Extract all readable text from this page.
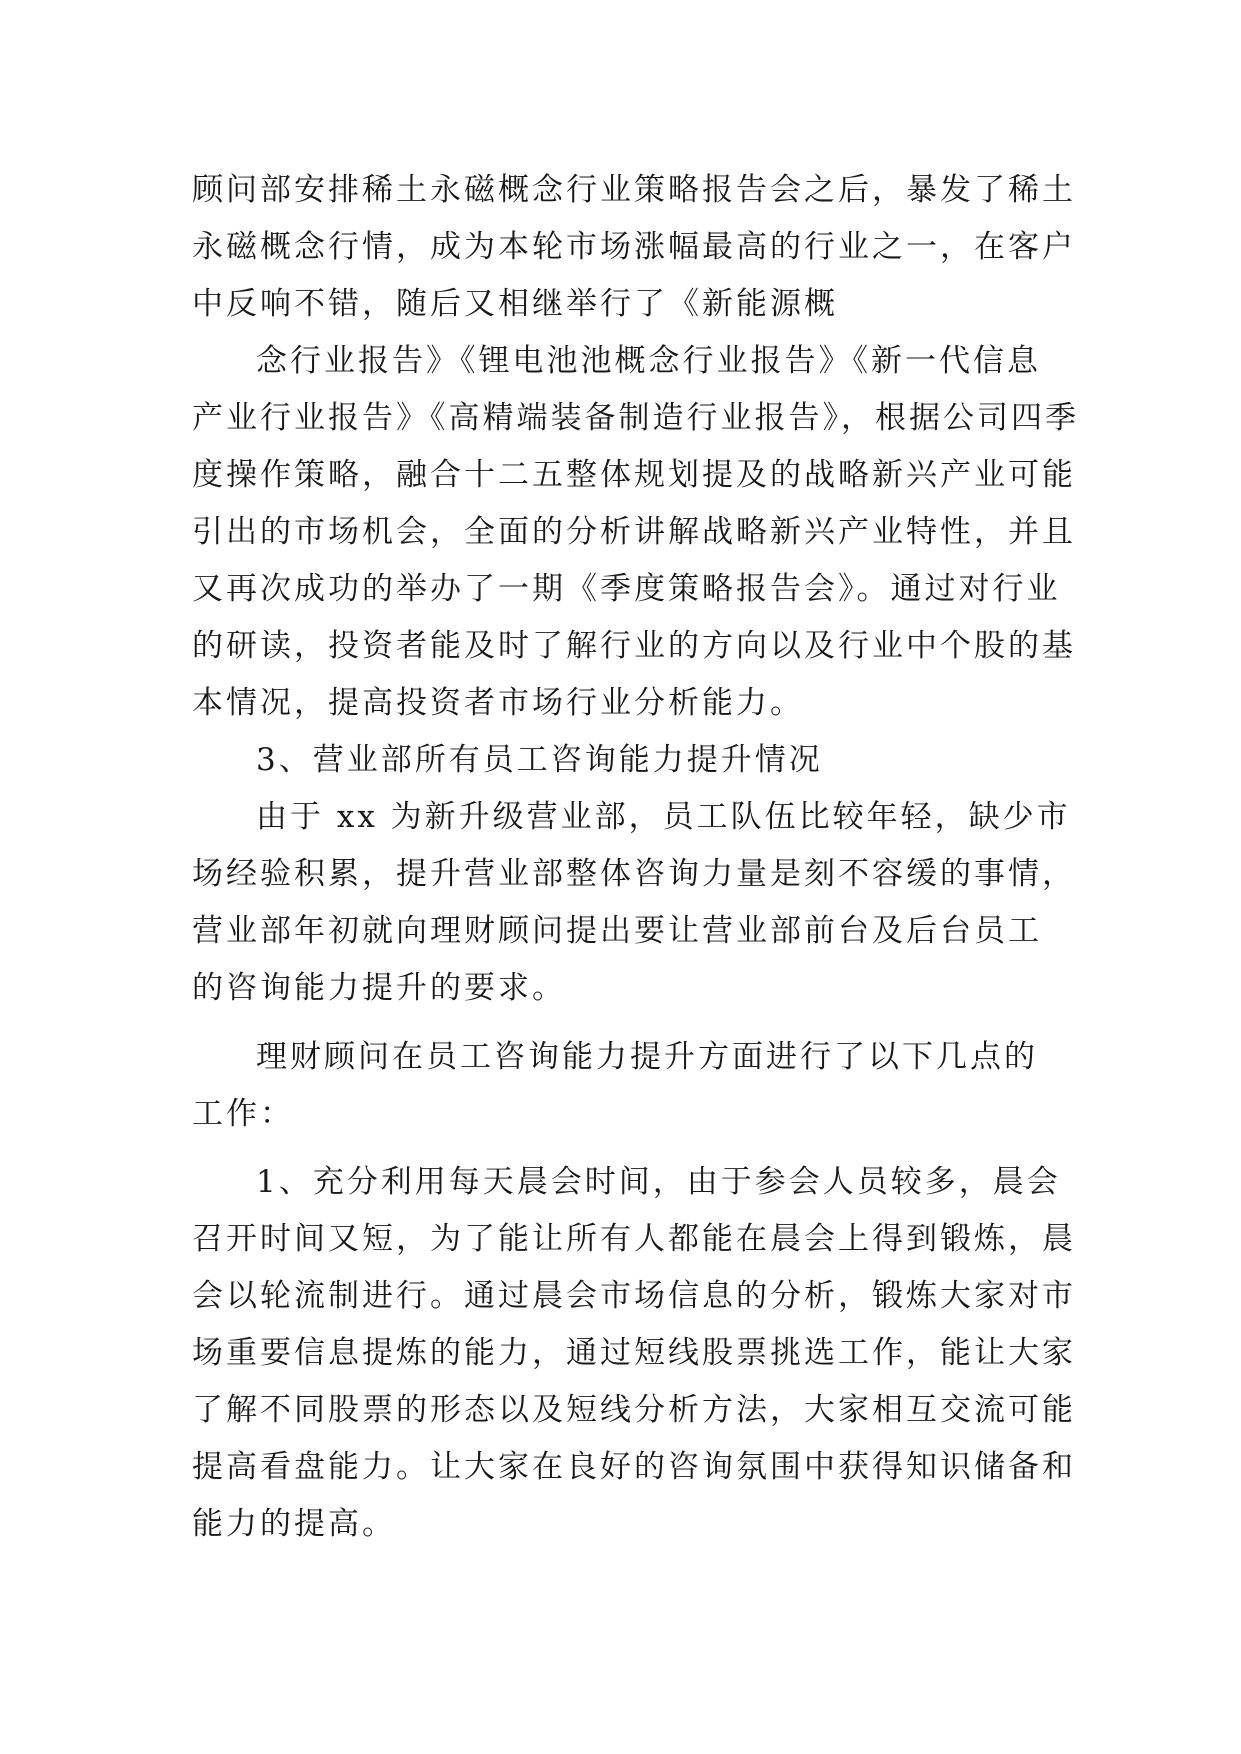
顾问部安排稀土永磁概念行业策略报告会之后，暴发了稀土
永磁概念行情，成为本轮市场涨幅最高的行业之一，在客户
中反响不错，随后又相继举行了《新能源概
念行业报告》《锂电池池概念行业报告》《新一代信息
产业行业报告》《高精端装备制造行业报告》，根据公司四季
度操作策略，融合十二五整体规划提及的战略新兴产业可能
引出的市场机会，全面的分析讲解战略新兴产业特性，并且
又再次成功的举办了一期《季度策略报告会》。通过对行业
的研读，投资者能及时了解行业的方向以及行业中个股的基
本情况，提高投资者市场行业分析能力。
3、营业部所有员工咨询能力提升情况
由于 xx 为新升级营业部，员工队伍比较年轻，缺少市
场经验积累，提升营业部整体咨询力量是刻不容缓的事情，
营业部年初就向理财顾问提出要让营业部前台及后台员工
的咨询能力提升的要求。
理财顾问在员工咨询能力提升方面进行了以下几点的
工作：
1、充分利用每天晨会时间，由于参会人员较多，晨会
召开时间又短，为了能让所有人都能在晨会上得到锻炼，晨
会以轮流制进行。通过晨会市场信息的分析，锻炼大家对市
场重要信息提炼的能力，通过短线股票挑选工作，能让大家
了解不同股票的形态以及短线分析方法，大家相互交流可能
提高看盘能力。让大家在良好的咨询氛围中获得知识储备和
能力的提高。
